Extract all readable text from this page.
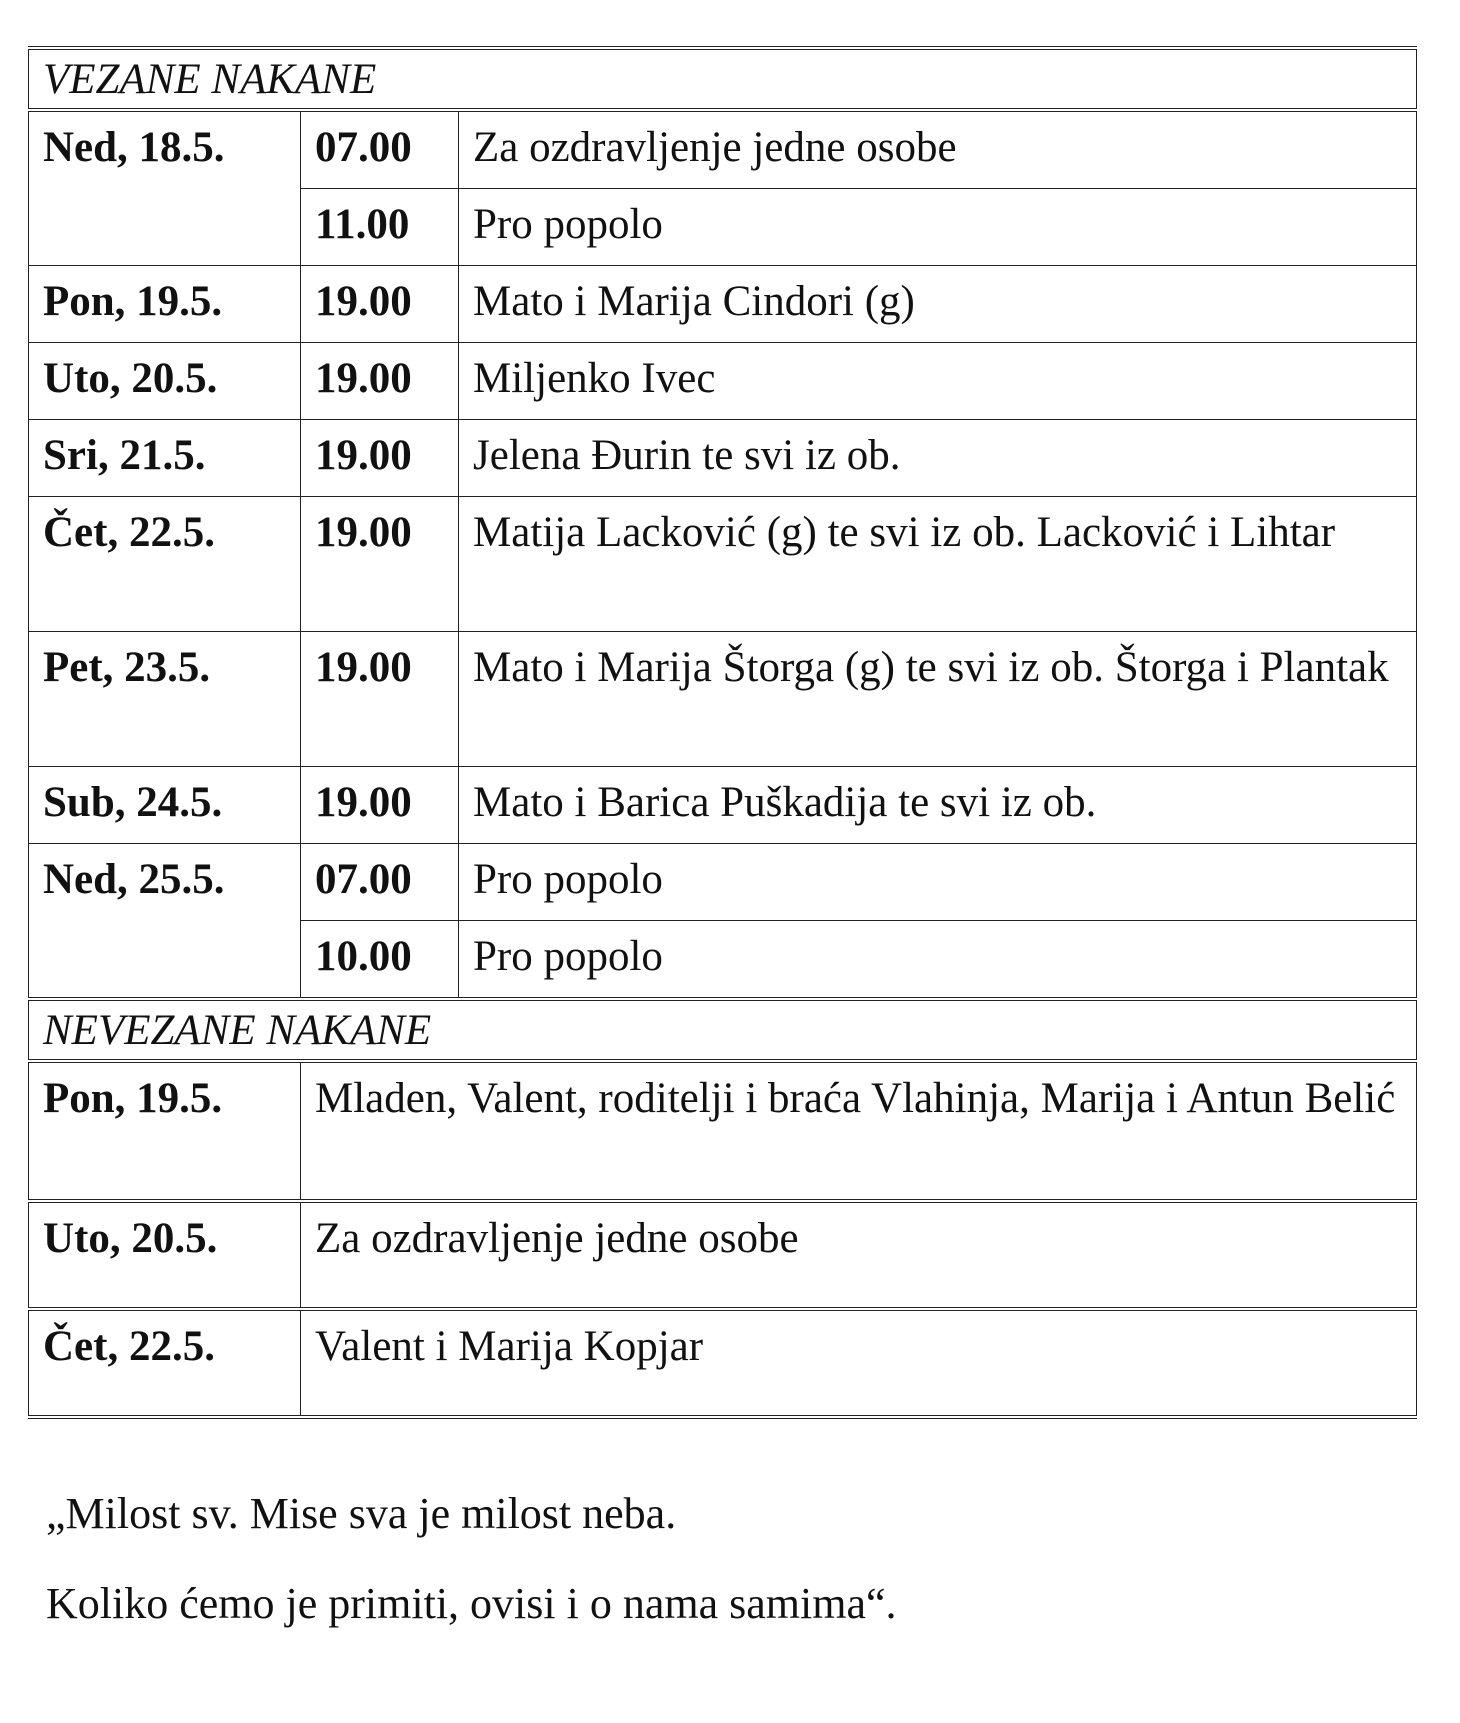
VEZANE NAKANE		
Ned, 18.5.	07.00	Za ozdravljenje jedne osobe
	11.00	Pro popolo
Pon, 19.5.	19.00	Mato i Marija Cindori (g)
Uto, 20.5.	19.00	Miljenko Ivec
Sri, 21.5.	19.00	Jelena Đurin te svi iz ob.
Čet, 22.5.	19.00	Matija Lacković (g) te svi iz ob. Lacković i Lihtar
Pet, 23.5.	19.00	Mato i Marija Štorga (g) te svi iz ob. Štorga i Plantak
Sub, 24.5.	19.00	Mato i Barica Puškadija te svi iz ob.
Ned, 25.5.	07.00	Pro popolo
	10.00	Pro popolo
NEVEZANE NAKANE		
Pon, 19.5.	Mladen, Valent, roditelji i braća Vlahinja, Marija i Antun Belić	
Uto, 20.5.	Za ozdravljenje jedne osobe	
Čet, 22.5.	Valent i Marija Kopjar	
„Milost sv. Mise sva je milost neba.
Koliko ćemo je primiti, ovisi i o nama samima“.
